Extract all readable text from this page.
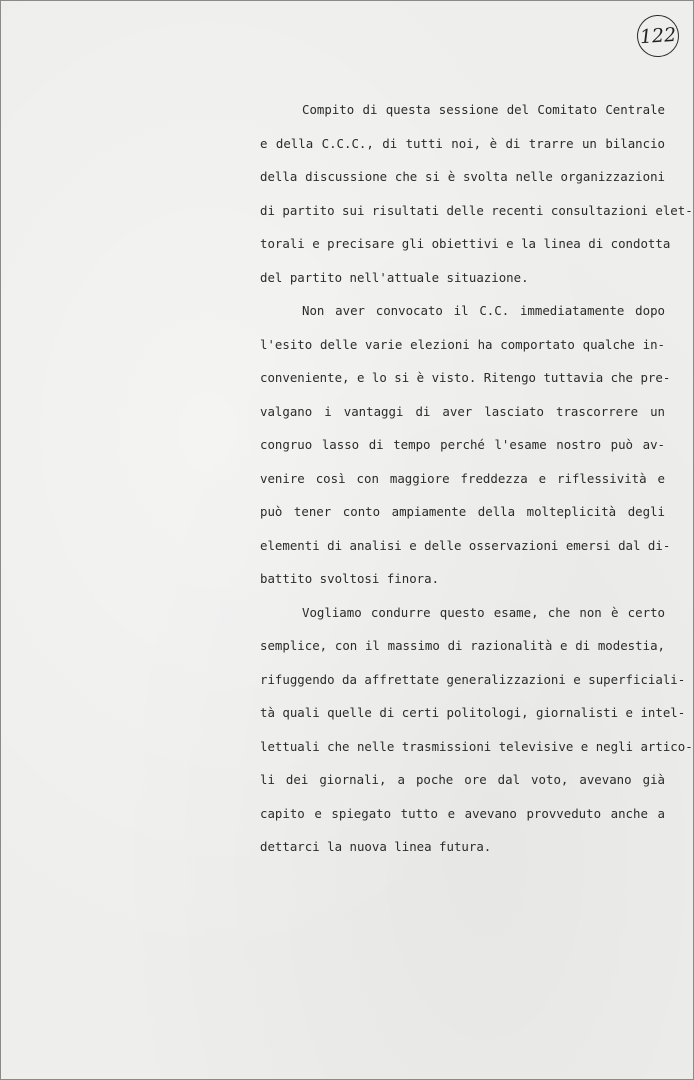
122
Compito di questa sessione del Comitato Centrale
e della C.C.C., di tutti noi, è di trarre un bilancio
della discussione che si è svolta nelle organizzazioni
di partito sui risultati delle recenti consultazioni elet-
torali e precisare gli obiettivi e la linea di condotta
del partito nell'attuale situazione.
Non aver convocato il C.C. immediatamente dopo
l'esito delle varie elezioni ha comportato qualche in-
conveniente, e lo si è visto. Ritengo tuttavia che pre-
valgano i vantaggi di aver lasciato trascorrere un
congruo lasso di tempo perché l'esame nostro può av-
venire così con maggiore freddezza e riflessività e
può tener conto ampiamente della molteplicità degli
elementi di analisi e delle osservazioni emersi dal di-
battito svoltosi finora.
Vogliamo condurre questo esame, che non è certo
semplice, con il massimo di razionalità e di modestia,
rifuggendo da affrettate generalizzazioni e superficiali-
tà quali quelle di certi politologi, giornalisti e intel-
lettuali che nelle trasmissioni televisive e negli artico-
li dei giornali, a poche ore dal voto, avevano già
capito e spiegato tutto e avevano provveduto anche a
dettarci la nuova linea futura.
